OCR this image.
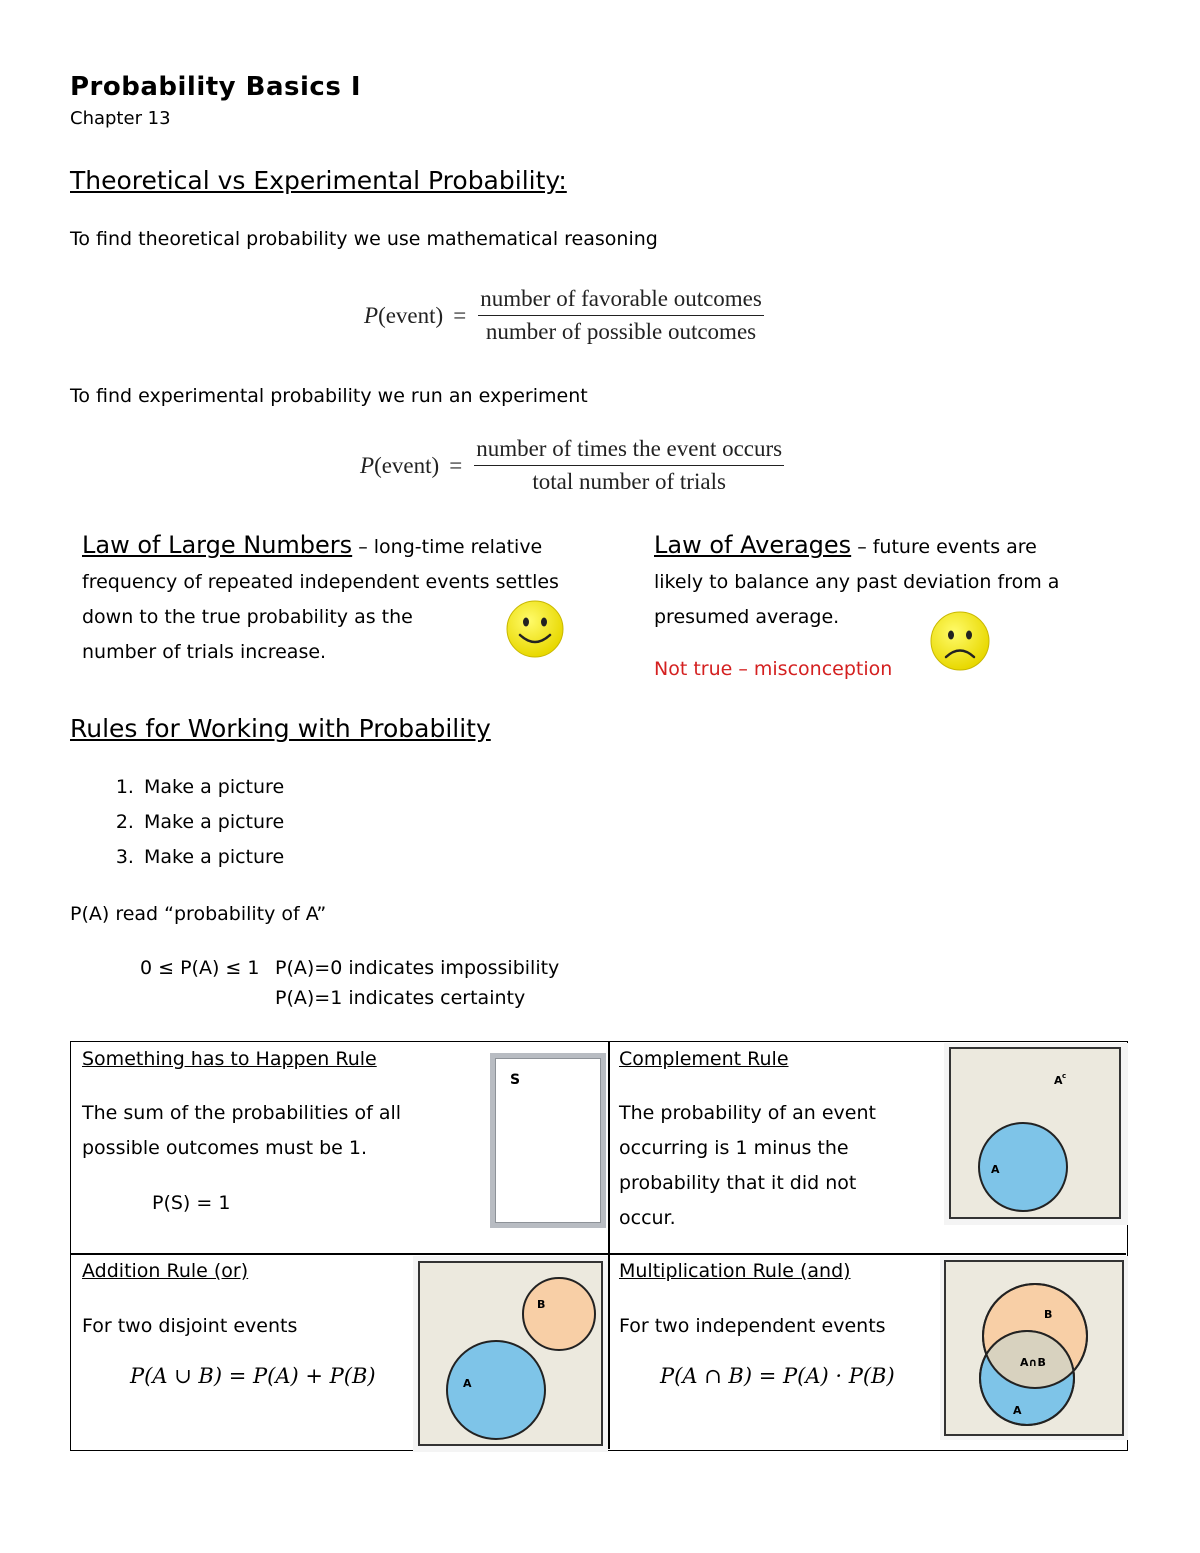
Probability Basics I
Chapter 13
Theoretical vs Experimental Probability:
To find theoretical probability we use mathematical reasoning
P(event) = $\frac{\text{number of favorable outcomes}}{\text{number of possible outcomes}}$
To find experimental probability we run an experiment
P(event) = $\frac{\text{number of times the event occurs}}{\text{total number of trials}}$
Law of Large Numbers – long-time relative
frequency of repeated independent events settles
down to the true probability as the
number of trials increase.
Law of Averages – future events are
likely to balance any past deviation from a
presumed average.
Not true – misconception
Rules for Working with Probability
1. Make a picture
2. Make a picture
3. Make a picture
P(A) read “probability of A”
0 ≤ P(A) ≤ 1 P(A)=0 indicates impossibility
P(A)=1 indicates certainty
Something has to Happen Rule
The sum of the probabilities of all
possible outcomes must be 1.
P(S) = 1
S
Complement Rule
The probability of an event
occurring is 1 minus the
probability that it did not
occur.
A
A c
Addition Rule (or)
For two disjoint events
P(A ∪ B) = P(A) + P(B)
B
A
Multiplication Rule (and)
For two independent events
P(A ∩ B) = P(A) · P(B)
B
A∩B
A
